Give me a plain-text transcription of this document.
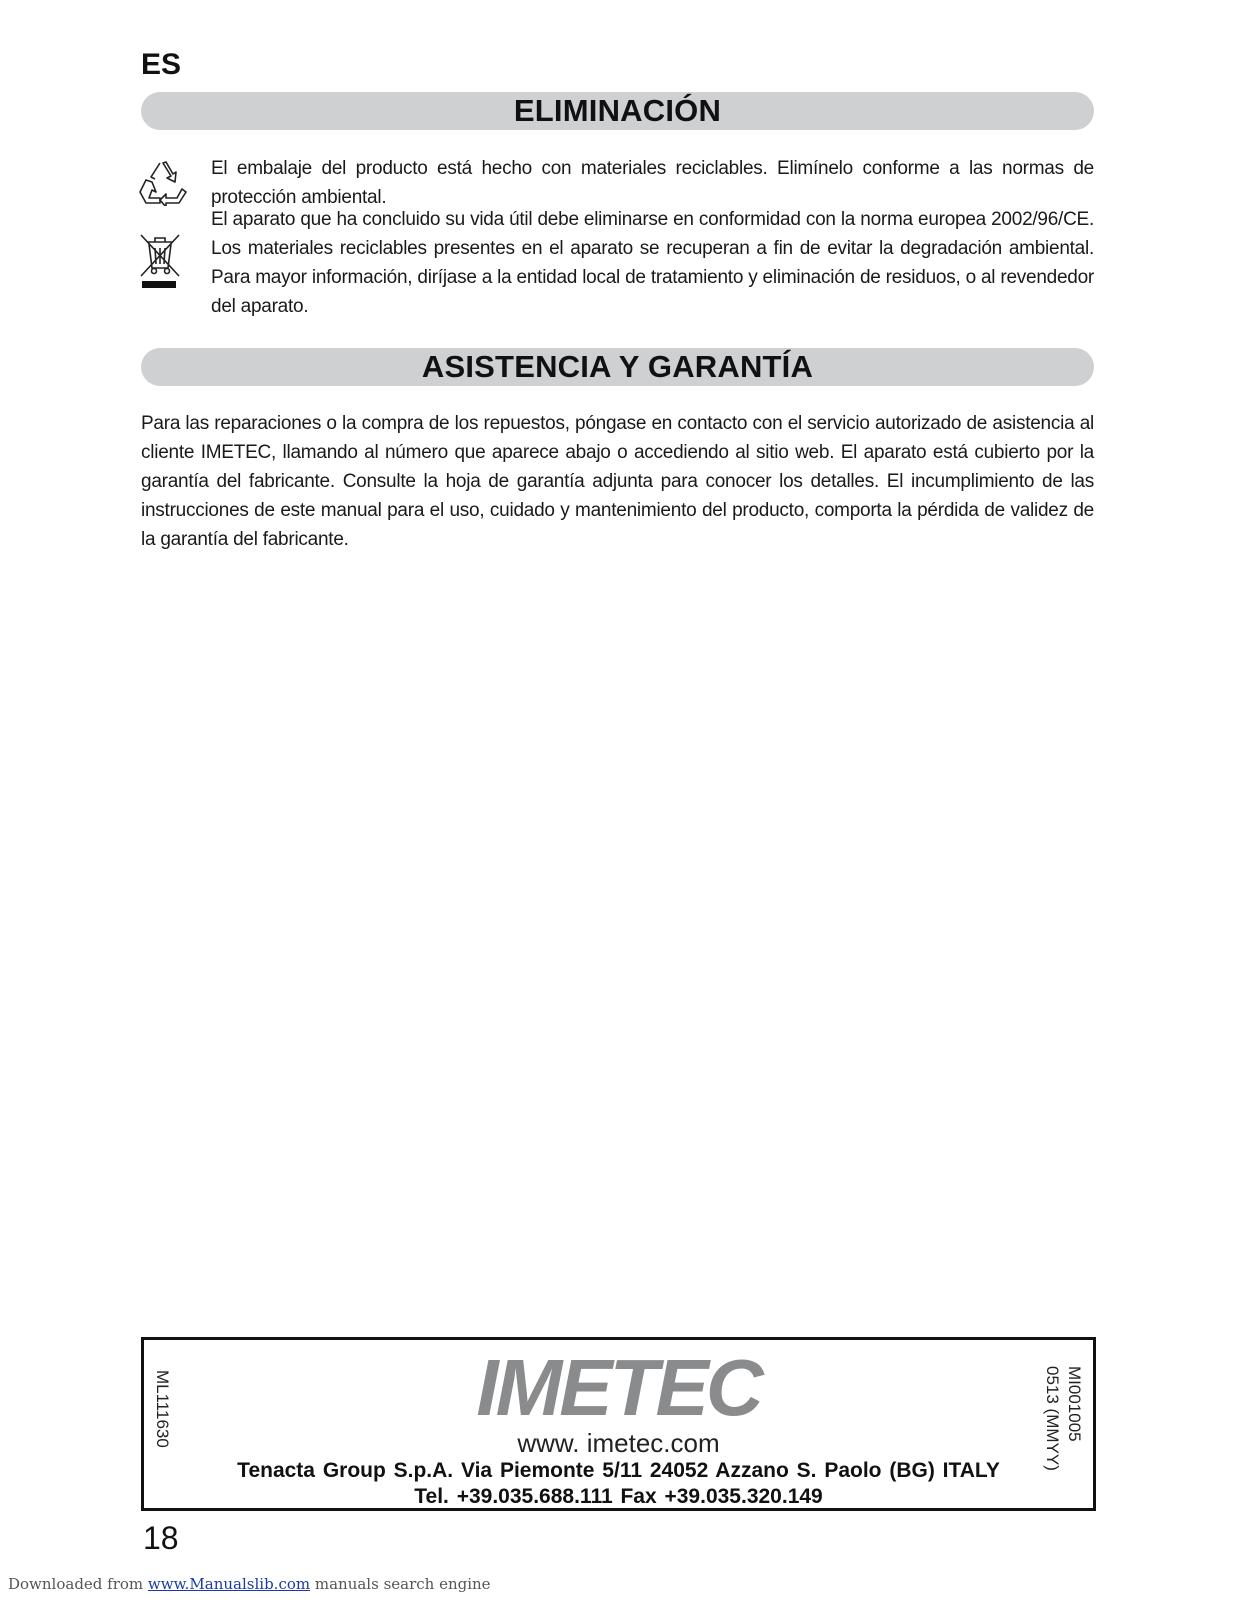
ES
ELIMINACIÓN

El embalaje del producto está hecho con materiales reciclables. Elimínelo conforme a las normas de protección ambiental.

El aparato que ha concluido su vida útil debe eliminarse en conformidad con la norma europea 2002/96/CE. Los materiales reciclables presentes en el aparato se recuperan a fin de evitar la degradación ambiental. Para mayor información, diríjase a la entidad local de tratamiento y eliminación de residuos, o al revendedor del aparato.

ASISTENCIA Y GARANTÍA

Para las reparaciones o la compra de los repuestos, póngase en contacto con el servicio autorizado de asistencia al cliente IMETEC, llamando al número que aparece abajo o accediendo al sitio web. El aparato está cubierto por la garantía del fabricante. Consulte la hoja de garantía adjunta para conocer los detalles. El incumplimiento de las instrucciones de este manual para el uso, cuidado y mantenimiento del producto, comporta la pérdida de validez de la garantía del fabricante.

IMETEC
www. imetec.com
Tenacta Group S.p.A. Via Piemonte 5/11 24052 Azzano S. Paolo (BG) ITALY
Tel. +39.035.688.111 Fax +39.035.320.149
ML111630	MI001005
0513 (MMYY)
18
Downloaded from www.Manualslib.com manuals search engine
